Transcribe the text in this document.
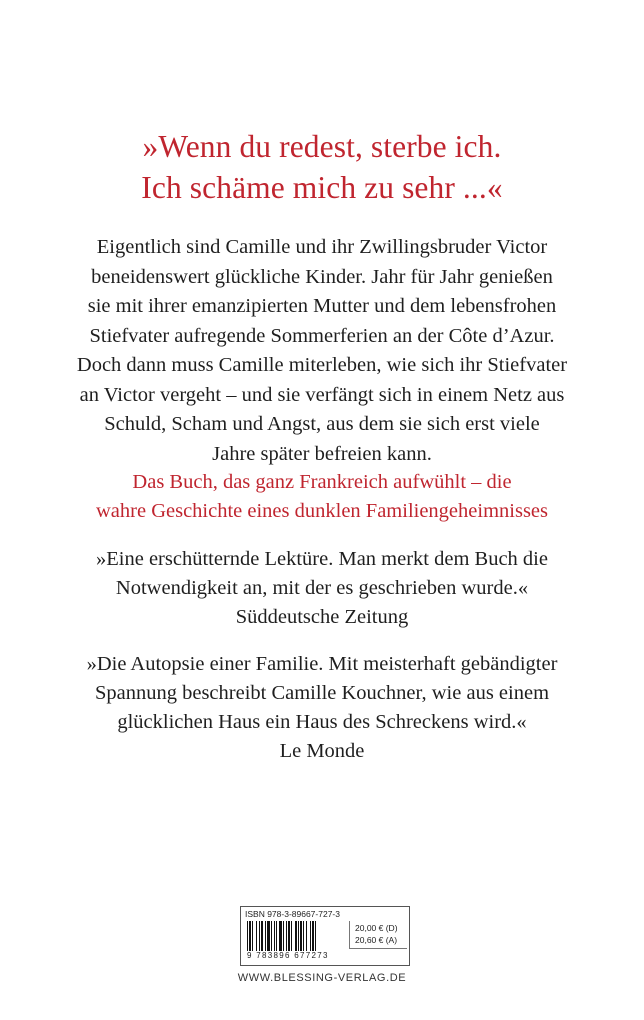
»Wenn du redest, sterbe ich.
Ich schäme mich zu sehr ...«
Eigentlich sind Camille und ihr Zwillingsbruder Victor
beneidenswert glückliche Kinder. Jahr für Jahr genießen
sie mit ihrer emanzipierten Mutter und dem lebensfrohen
Stiefvater aufregende Sommerferien an der Côte d’Azur.
Doch dann muss Camille miterleben, wie sich ihr Stiefvater
an Victor vergeht – und sie verfängt sich in einem Netz aus
Schuld, Scham und Angst, aus dem sie sich erst viele
Jahre später befreien kann.
Das Buch, das ganz Frankreich aufwühlt – die
wahre Geschichte eines dunklen Familiengeheimnisses
»Eine erschütternde Lektüre. Man merkt dem Buch die
Notwendigkeit an, mit der es geschrieben wurde.«
Süddeutsche Zeitung
»Die Autopsie einer Familie. Mit meisterhaft gebändigter
Spannung beschreibt Camille Kouchner, wie aus einem
glücklichen Haus ein Haus des Schreckens wird.«
Le Monde
ISBN 978-3-89667-727-3
20,00 € (D)
20,60 € (A)
9 783896 677273
WWW.BLESSING-VERLAG.DE
